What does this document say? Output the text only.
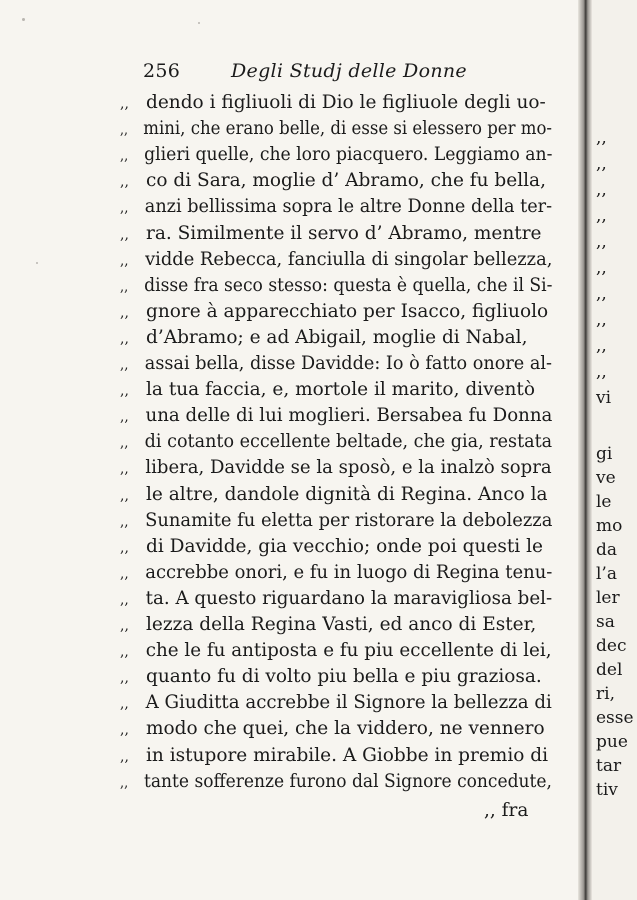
256	Degli Studj delle Donne
,, dendo i figliuoli di Dio le figliuole degli uo-
,, mini, che erano belle, di esse si elessero per mo-
,, glieri quelle, che loro piacquero. Leggiamo an-
,, co di Sara, moglie d’ Abramo, che fu bella,
,, anzi bellissima sopra le altre Donne della ter-
,, ra. Similmente il servo d’ Abramo, mentre
,, vidde Rebecca, fanciulla di singolar bellezza,
,, disse fra seco stesso: questa è quella, che il Si-
,, gnore à apparecchiato per Isacco, figliuolo
,, d’Abramo; e ad Abigail, moglie di Nabal,
,, assai bella, disse Davidde: Io ò fatto onore al-
,, la tua faccia, e, mortole il marito, diventò
,, una delle di lui moglieri. Bersabea fu Donna
,, di cotanto eccellente beltade, che gia, restata
,, libera, Davidde se la sposò, e la inalzò sopra
,, le altre, dandole dignità di Regina. Anco la
,, Sunamite fu eletta per ristorare la debolezza
,, di Davidde, gia vecchio; onde poi questi le
,, accrebbe onori, e fu in luogo di Regina tenu-
,, ta. A questo riguardano la maravigliosa bel-
,, lezza della Regina Vasti, ed anco di Ester,
,, che le fu antiposta e fu piu eccellente di lei,
,, quanto fu di volto piu bella e piu graziosa.
,, A Giuditta accrebbe il Signore la bellezza di
,, modo che quei, che la viddero, ne vennero
,, in istupore mirabile. A Giobbe in premio di
,, tante sofferenze furono dal Signore concedute,
,, fra
,,
,,
,,
,,
,,
,,
,,
,,
,,
,,
vi
gi
ve
le
mo
da
l’a
ler
sa
dec
del
ri,
esse
pue
tar
tiv
